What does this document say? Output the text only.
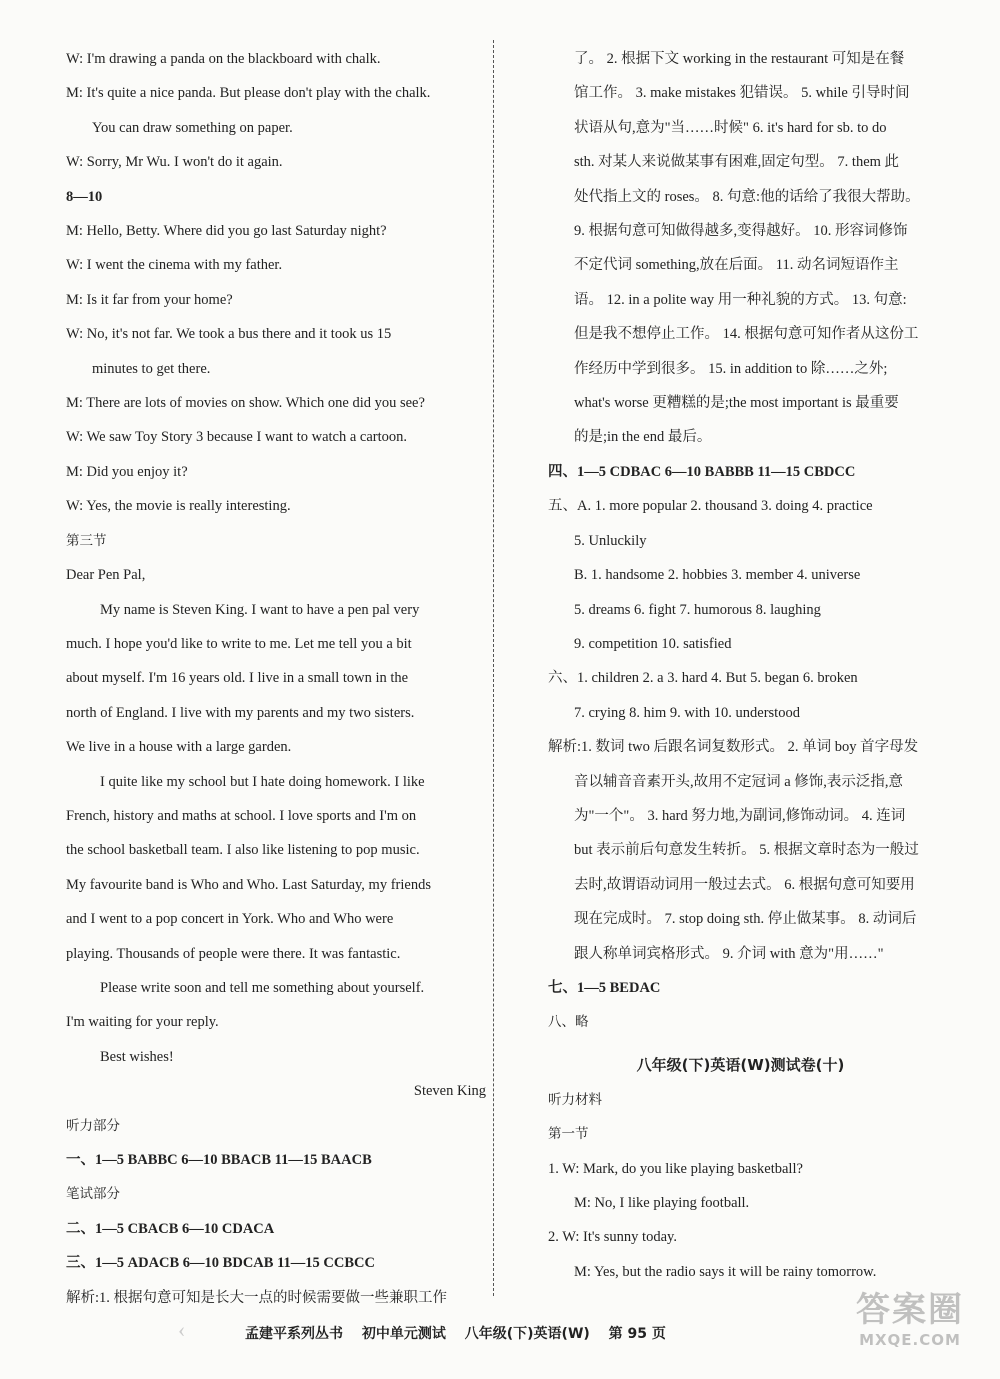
W: I'm drawing a panda on the blackboard with chalk.
M: It's quite a nice panda. But please don't play with the chalk.
You can draw something on paper.
W: Sorry, Mr Wu. I won't do it again.
8—10
M: Hello, Betty. Where did you go last Saturday night?
W: I went the cinema with my father.
M: Is it far from your home?
W: No, it's not far. We took a bus there and it took us 15
minutes to get there.
M: There are lots of movies on show. Which one did you see?
W: We saw Toy Story 3 because I want to watch a cartoon.
M: Did you enjoy it?
W: Yes, the movie is really interesting.
第三节
Dear Pen Pal,
My name is Steven King. I want to have a pen pal very
much. I hope you'd like to write to me. Let me tell you a bit
about myself. I'm 16 years old. I live in a small town in the
north of England. I live with my parents and my two sisters.
We live in a house with a large garden.
I quite like my school but I hate doing homework. I like
French, history and maths at school. I love sports and I'm on
the school basketball team. I also like listening to pop music.
My favourite band is Who and Who. Last Saturday, my friends
and I went to a pop concert in York. Who and Who were
playing. Thousands of people were there. It was fantastic.
Please write soon and tell me something about yourself.
I'm waiting for your reply.
Best wishes!
Steven King
听力部分
一、1—5 BABBC 6—10 BBACB 11—15 BAACB
笔试部分
二、1—5 CBACB 6—10 CDACA
三、1—5 ADACB 6—10 BDCAB 11—15 CCBCC
解析:1. 根据句意可知是长大一点的时候需要做一些兼职工作
了。 2. 根据下文 working in the restaurant 可知是在餐
馆工作。 3. make mistakes 犯错误。 5. while 引导时间
状语从句,意为"当……时候" 6. it's hard for sb. to do
sth. 对某人来说做某事有困难,固定句型。 7. them 此
处代指上文的 roses。 8. 句意:他的话给了我很大帮助。
9. 根据句意可知做得越多,变得越好。 10. 形容词修饰
不定代词 something,放在后面。 11. 动名词短语作主
语。 12. in a polite way 用一种礼貌的方式。 13. 句意:
但是我不想停止工作。 14. 根据句意可知作者从这份工
作经历中学到很多。 15. in addition to 除……之外;
what's worse 更糟糕的是;the most important is 最重要
的是;in the end 最后。
四、1—5 CDBAC 6—10 BABBB 11—15 CBDCC
五、A. 1. more popular 2. thousand 3. doing 4. practice
5. Unluckily
B. 1. handsome 2. hobbies 3. member 4. universe
5. dreams 6. fight 7. humorous 8. laughing
9. competition 10. satisfied
六、1. children 2. a 3. hard 4. But 5. began 6. broken
7. crying 8. him 9. with 10. understood
解析:1. 数词 two 后跟名词复数形式。 2. 单词 boy 首字母发
音以辅音音素开头,故用不定冠词 a 修饰,表示泛指,意
为"一个"。 3. hard 努力地,为副词,修饰动词。 4. 连词
but 表示前后句意发生转折。 5. 根据文章时态为一般过
去时,故谓语动词用一般过去式。 6. 根据句意可知要用
现在完成时。 7. stop doing sth. 停止做某事。 8. 动词后
跟人称单词宾格形式。 9. 介词 with 意为"用……"
七、1—5 BEDAC
八、略
八年级(下)英语(W)测试卷(十)
听力材料
第一节
1. W: Mark, do you like playing basketball?
M: No, I like playing football.
2. W: It's sunny today.
M: Yes, but the radio says it will be rainy tomorrow.
‹	孟建平系列丛书 初中单元测试 八年级(下)英语(W) 第 95 页
答案圈
MXQE.COM
